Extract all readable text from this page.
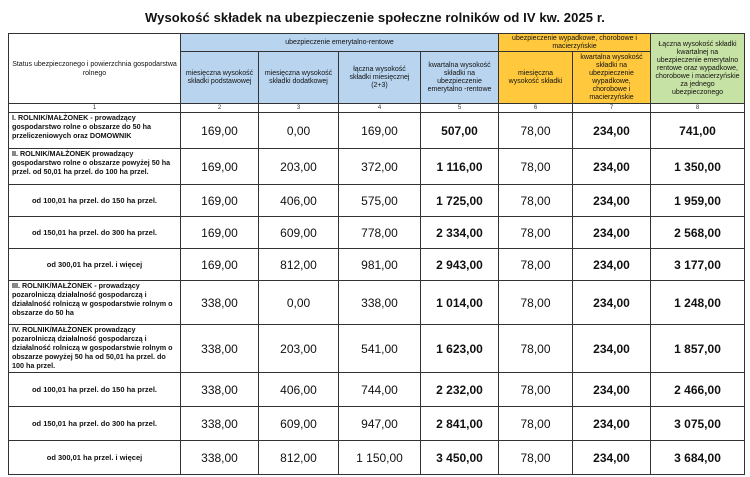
Wysokość składek na ubezpieczenie społeczne rolników od IV kw. 2025 r.
Status ubezpieczonego i powierzchnia gospodarstwa rolnego	ubezpieczenie emerytalno-rentowe				ubezpieczenie wypadkowe, chorobowe i macierzyńskie		Łączna wysokość składki kwartalnej na ubezpieczenie emerytalno rentowe oraz wypadkowe, chorobowe i macierzyńskie za jednego ubezpieczonego
	miesięczna wysokość składki podstawowej	miesięczna wysokość składki dodatkowej	łączna wysokość składki miesięcznej (2+3)	kwartalna wysokość składki na ubezpieczenie emerytalno -rentowe	miesięczna wysokość składki	kwartalna wysokość składki na ubezpieczenie wypadkowe, chorobowe i macierzyńskie	
1	2	3	4	5	6	7	8
I. ROLNIK/MAŁŻONEK - prowadzący gospodarstwo rolne o obszarze do 50 ha przeliczeniowych oraz DOMOWNIK	169,00	0,00	169,00	507,00	78,00	234,00	741,00
II. ROLNIK/MAŁŻONEK prowadzący gospodarstwo rolne o obszarze powyżej 50 ha przel. od 50,01 ha przel. do 100 ha przel.	169,00	203,00	372,00	1 116,00	78,00	234,00	1 350,00
od 100,01 ha przel. do 150 ha przel.	169,00	406,00	575,00	1 725,00	78,00	234,00	1 959,00
od 150,01 ha przel. do 300 ha przel.	169,00	609,00	778,00	2 334,00	78,00	234,00	2 568,00
od 300,01 ha przel. i więcej	169,00	812,00	981,00	2 943,00	78,00	234,00	3 177,00
III. ROLNIK/MAŁŻONEK - prowadzący pozarolniczą działalność gospodarczą i działalność rolniczą w gospodarstwie rolnym o obszarze do 50 ha	338,00	0,00	338,00	1 014,00	78,00	234,00	1 248,00
IV. ROLNIK/MAŁŻONEK prowadzący pozarolniczą działalność gospodarczą i działalność rolniczą w gospodarstwie rolnym o obszarze powyżej 50 ha od 50,01 ha przel. do 100 ha przel.	338,00	203,00	541,00	1 623,00	78,00	234,00	1 857,00
od 100,01 ha przel. do 150 ha przel.	338,00	406,00	744,00	2 232,00	78,00	234,00	2 466,00
od 150,01 ha przel. do 300 ha przel.	338,00	609,00	947,00	2 841,00	78,00	234,00	3 075,00
od 300,01 ha przel. i więcej	338,00	812,00	1 150,00	3 450,00	78,00	234,00	3 684,00
